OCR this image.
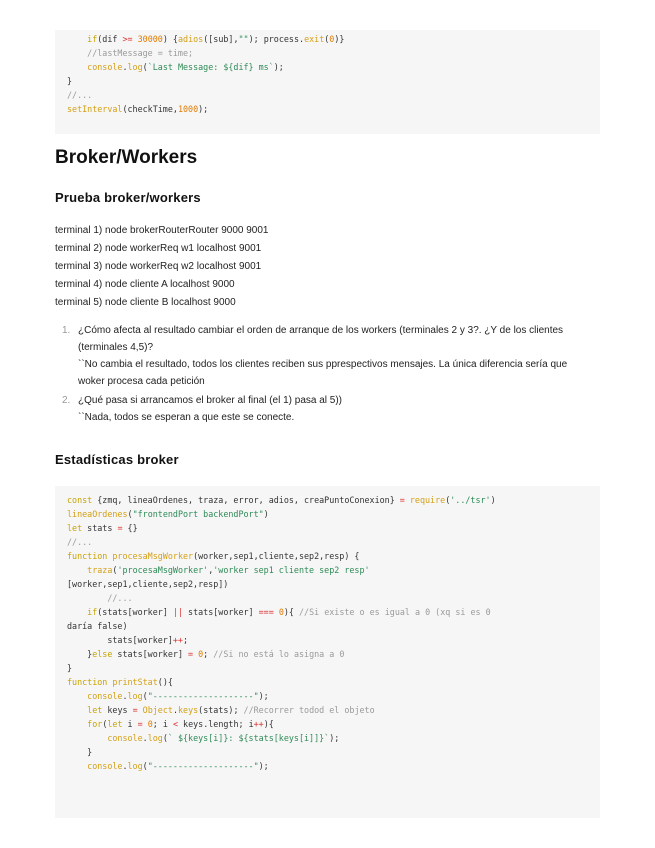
if(dif >= 30000) {adios([sub],""); process.exit(0)}
//lastMessage = time;
console.log(`Last Message: ${dif} ms`);
}
//...
setInterval(checkTime,1000);
Broker/Workers
Prueba broker/workers
terminal 1) node brokerRouterRouter 9000 9001
terminal 2) node workerReq w1 localhost 9001
terminal 3) node workerReq w2 localhost 9001
terminal 4) node cliente A localhost 9000
terminal 5) node cliente B localhost 9000
1. ¿Cómo afecta al resultado cambiar el orden de arranque de los workers (terminales 2 y 3?. ¿Y de los clientes (terminales 4,5)?

``No cambia el resultado, todos los clientes reciben sus pprespectivos mensajes. La única diferencia sería que woker procesa cada petición

2. ¿Qué pasa si arrancamos el broker al final (el 1) pasa al 5))

``Nada, todos se esperan a que este se conecte.

Estadísticas broker
const {zmq, lineaOrdenes, traza, error, adios, creaPuntoConexion} = require('../tsr')
lineaOrdenes("frontendPort backendPort")
let stats = {}
//...
function procesaMsgWorker(worker,sep1,cliente,sep2,resp) {
traza('procesaMsgWorker','worker sep1 cliente sep2 resp'
[worker,sep1,cliente,sep2,resp])
//...
if(stats[worker] || stats[worker] === 0){ //Si existe o es igual a 0 (xq si es 0
daría false)
stats[worker]++;
}else stats[worker] = 0; //Si no está lo asigna a 0
}
function printStat(){
console.log("--------------------");
let keys = Object.keys(stats); //Recorrer todod el objeto
for(let i = 0; i < keys.length; i++){
console.log(` ${keys[i]}: ${stats[keys[i]]}`);
}
console.log("--------------------");
